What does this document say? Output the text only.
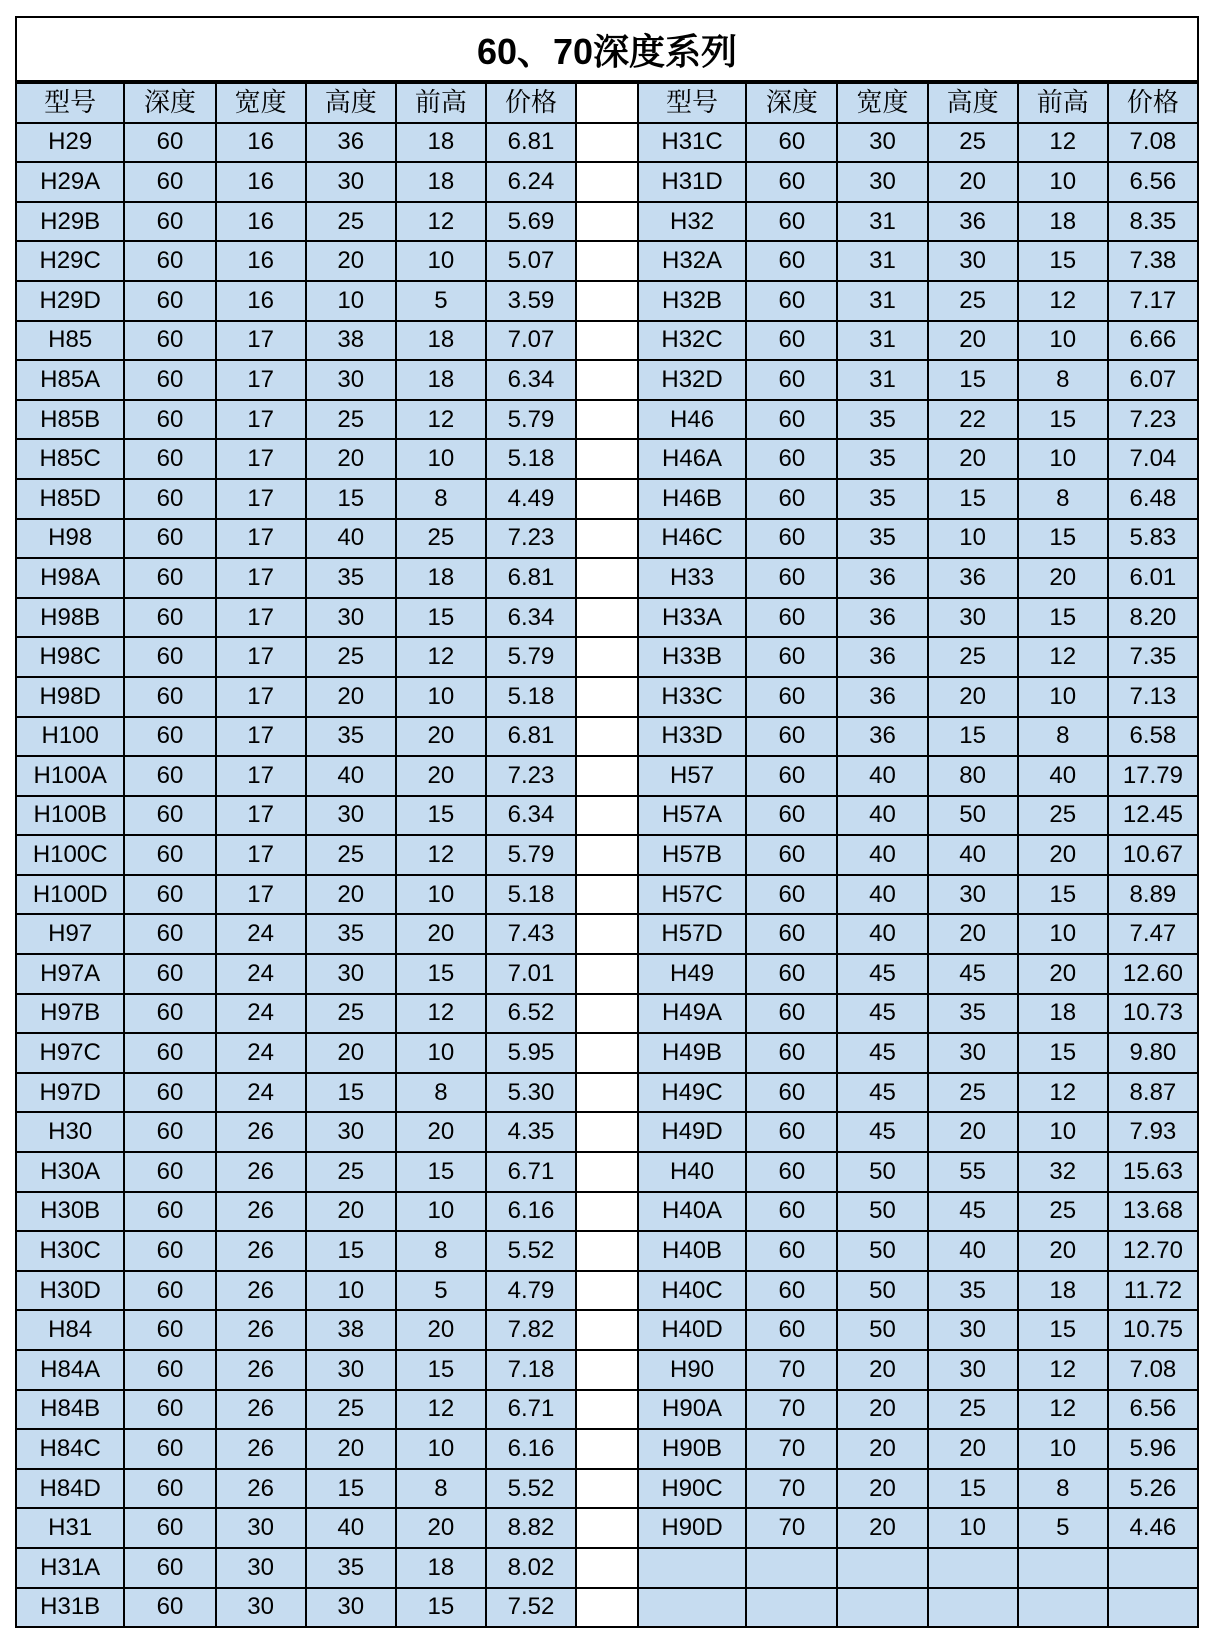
60、70深度系列
型号	深度	宽度	高度	前高	价格		型号	深度	宽度	高度	前高	价格
H29	60	16	36	18	6.81		H31C	60	30	25	12	7.08
H29A	60	16	30	18	6.24		H31D	60	30	20	10	6.56
H29B	60	16	25	12	5.69		H32	60	31	36	18	8.35
H29C	60	16	20	10	5.07		H32A	60	31	30	15	7.38
H29D	60	16	10	5	3.59		H32B	60	31	25	12	7.17
H85	60	17	38	18	7.07		H32C	60	31	20	10	6.66
H85A	60	17	30	18	6.34		H32D	60	31	15	8	6.07
H85B	60	17	25	12	5.79		H46	60	35	22	15	7.23
H85C	60	17	20	10	5.18		H46A	60	35	20	10	7.04
H85D	60	17	15	8	4.49		H46B	60	35	15	8	6.48
H98	60	17	40	25	7.23		H46C	60	35	10	15	5.83
H98A	60	17	35	18	6.81		H33	60	36	36	20	6.01
H98B	60	17	30	15	6.34		H33A	60	36	30	15	8.20
H98C	60	17	25	12	5.79		H33B	60	36	25	12	7.35
H98D	60	17	20	10	5.18		H33C	60	36	20	10	7.13
H100	60	17	35	20	6.81		H33D	60	36	15	8	6.58
H100A	60	17	40	20	7.23		H57	60	40	80	40	17.79
H100B	60	17	30	15	6.34		H57A	60	40	50	25	12.45
H100C	60	17	25	12	5.79		H57B	60	40	40	20	10.67
H100D	60	17	20	10	5.18		H57C	60	40	30	15	8.89
H97	60	24	35	20	7.43		H57D	60	40	20	10	7.47
H97A	60	24	30	15	7.01		H49	60	45	45	20	12.60
H97B	60	24	25	12	6.52		H49A	60	45	35	18	10.73
H97C	60	24	20	10	5.95		H49B	60	45	30	15	9.80
H97D	60	24	15	8	5.30		H49C	60	45	25	12	8.87
H30	60	26	30	20	4.35		H49D	60	45	20	10	7.93
H30A	60	26	25	15	6.71		H40	60	50	55	32	15.63
H30B	60	26	20	10	6.16		H40A	60	50	45	25	13.68
H30C	60	26	15	8	5.52		H40B	60	50	40	20	12.70
H30D	60	26	10	5	4.79		H40C	60	50	35	18	11.72
H84	60	26	38	20	7.82		H40D	60	50	30	15	10.75
H84A	60	26	30	15	7.18		H90	70	20	30	12	7.08
H84B	60	26	25	12	6.71		H90A	70	20	25	12	6.56
H84C	60	26	20	10	6.16		H90B	70	20	20	10	5.96
H84D	60	26	15	8	5.52		H90C	70	20	15	8	5.26
H31	60	30	40	20	8.82		H90D	70	20	10	5	4.46
H31A	60	30	35	18	8.02							
H31B	60	30	30	15	7.52							
